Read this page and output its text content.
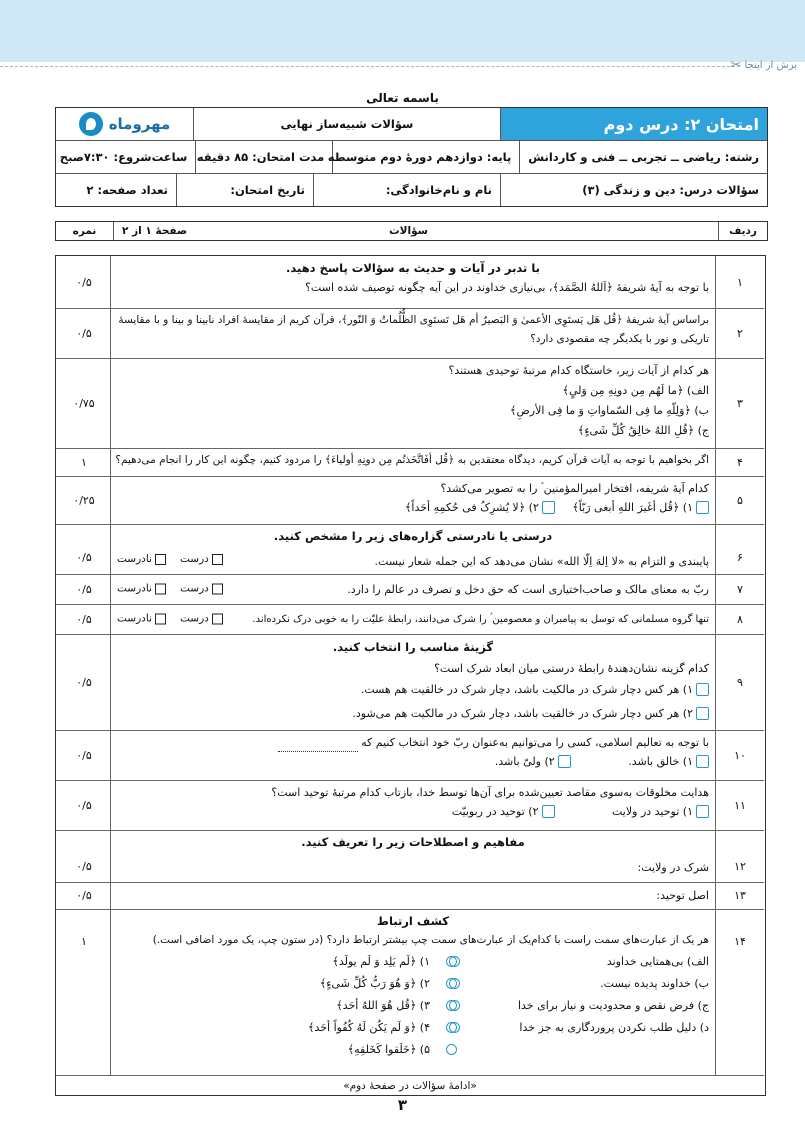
برش از اینجا
✂
باسمه تعالی
امتحان ۲: درس دوم
سؤالات شبیه‌ساز نهایی
مهروماه
رشته: ریاضی ــ تجربی ــ فنی و کاردانش
پایه: دوازدهم دورهٔ دوم متوسطه
مدت امتحان: ۸۵ دقیقه
ساعت‌شروع: ۷:۳۰صبح
سؤالات درس: دین و زندگی (۳)
نام و نام‌خانوادگی:
تاریخ امتحان:
تعداد صفحه: ۲
ردیف
سؤالات
صفحهٔ ۱ از ۲
نمره
۱
با تدبر در آیات و حدیث به سؤالات پاسخ دهید.
با توجه به آیهٔ شریفهٔ ﴿اَللهُ الصَّمَد﴾، بی‌نیازی خداوند در این آیه چگونه توصیف شده است؟
۰/۵
۲
براساس آیهٔ شریفهٔ ﴿قُل هَل یَستَوِی الأعمیٰ وَ البَصیرُ أم هَل تَستَوِی الظُّلُماتُ وَ النّور﴾، قرآن کریم از مقایسهٔ افراد نابینا و بینا و با مقایسهٔ
تاریکی و نور با یکدیگر چه مقصودی دارد؟
۰/۵
۳
هر کدام از آیات زیر، خاستگاه کدام مرتبهٔ توحیدی هستند؟
الف) ﴿ما لَهُم مِن دونِهِ مِن وَلیٍ﴾
ب) ﴿وَلِلّهِ ما فِی السّماواتِ وَ ما فِی الأرضِ﴾
ج) ﴿قُلِ اللهُ خالِقُ کُلِّ شَیءٍ﴾
۰/۷۵
۴
اگر بخواهیم با توجه به آیات قرآن کریم، دیدگاه معتقدین به ﴿قُل أفَاتَّخَذتُم مِن دونِهِ أولیاءَ﴾ را مردود کنیم، چگونه این کار را انجام می‌دهیم؟
۱
۵
کدام آیهٔ شریفه، افتخار امیرالمؤمنین ؑ را به تصویر می‌کشد؟
۱) ﴿قُل أغَیرَ اللهِ أبغی رَبّاً﴾

۲) ﴿لا یُشرِکُ فی حُکمِهِ أحَداً﴾
۰/۲۵
۶
درستی یا نادرستی گزاره‌های زیر را مشخص کنید.
پایبندی و التزام به «لا اِلهَ اِلّا الله» نشان می‌دهد که این جمله شعار نیست.
درست
نادرست
۰/۵
۷
ربّ به معنای مالک و صاحب‌اختیاری است که حق دخل و تصرف در عالم را دارد.
درست
نادرست
۰/۵
۸
تنها گروه مسلمانی که توسل به پیامبران و معصومین ؑ را شرک می‌دانند، رابطهٔ علیّت را به خوبی درک نکرده‌اند.
درست
نادرست
۰/۵
۹
گزینهٔ مناسب را انتخاب کنید.
کدام گزینه نشان‌دهندهٔ رابطهٔ درستی میان ابعاد شرک است؟
۱) هر کس دچار شرک در مالکیت باشد، دچار شرک در خالقیت هم هست.

۲) هر کس دچار شرک در خالقیت باشد، دچار شرک در مالکیت هم می‌شود.
۰/۵
۱۰
با توجه به تعالیم اسلامی، کسی را می‌توانیم به‌عنوان ربّ خود انتخاب کنیم که
۱) خالق باشد.

۲) ولیّ باشد.
۰/۵
۱۱
هدایت مخلوقات به‌سوی مقاصد تعیین‌شده برای آن‌ها توسط خدا، بازتاب کدام مرتبهٔ توحید است؟
۱) توحید در ولایت

۲) توحید در ربوبیّت
۰/۵
۱۲
مفاهیم و اصطلاحات زیر را تعریف کنید.
شرک در ولایت:
۰/۵
۱۳
اصل توحید:
۰/۵
۱۴
کشف ارتباط
هر یک از عبارت‌های سمت راست با کدام‌یک از عبارت‌های سمت چپ بیشتر ارتباط دارد؟ (در ستون چپ، یک مورد اضافی است.)
الف) بی‌همتایی خداوند
ب) خداوند پدیده نیست.
ج) فرض نقص و محدودیت و نیاز برای خدا
د) دلیل طلب نکردن پروردگاری به جز خدا
۱) ﴿لَم یَلِد وَ لَم یولَد﴾
۲) ﴿وَ هُوَ رَبُّ کُلِّ شَیءٍ﴾
۳) ﴿قُل هُوَ اللهُ أحَد﴾
۴) ﴿وَ لَم یَکُن لَهُ کُفُواً أحَد﴾
۵) ﴿خَلَقوا کَخَلقِهِ﴾
۱
«ادامهٔ سؤالات در صفحهٔ دوم»
۳
